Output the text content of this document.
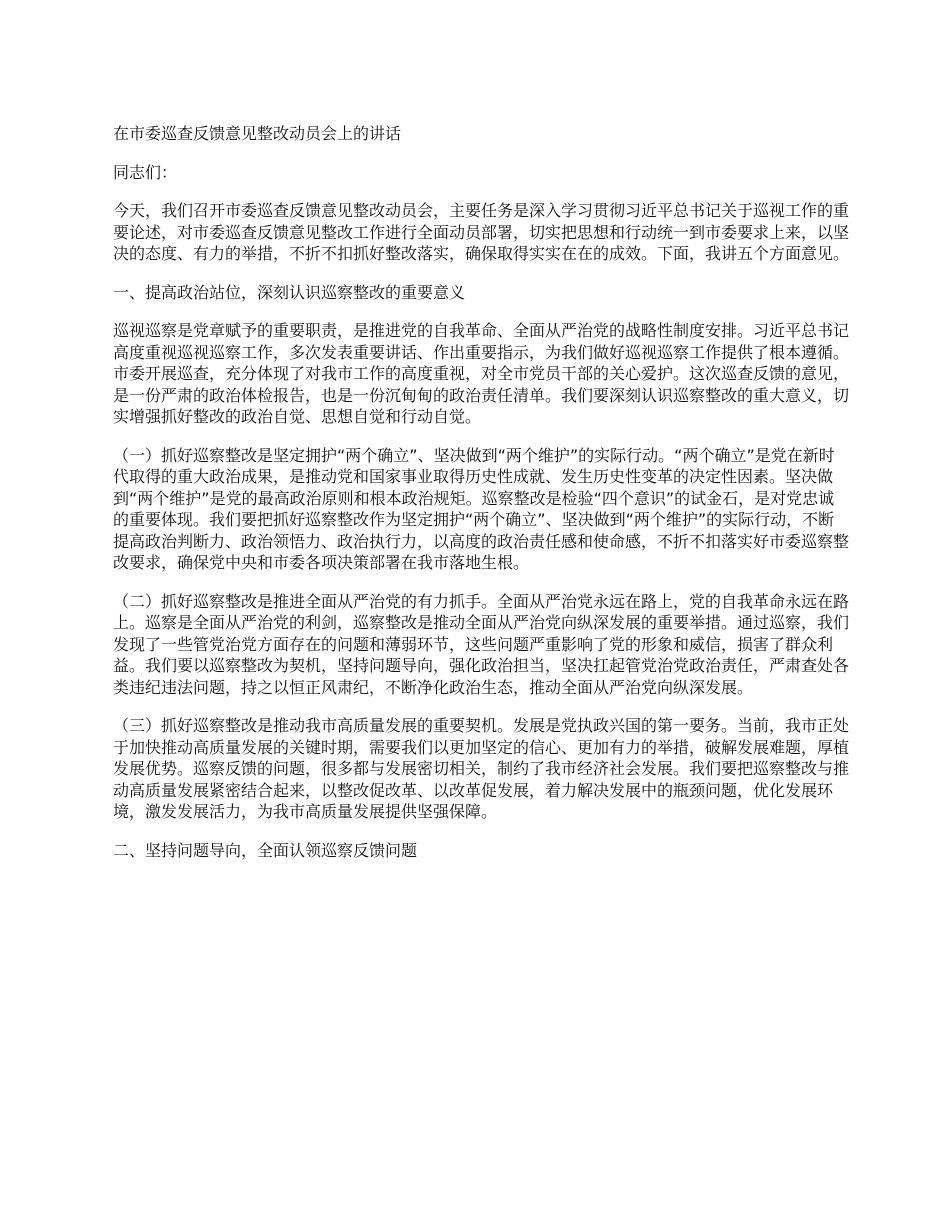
在市委巡查反馈意见整改动员会上的讲话

同志们：

今天，我们召开市委巡查反馈意见整改动员会，主要任务是深入学习贯彻习近平总书记关于巡视工作的重要论述，对市委巡查反馈意见整改工作进行全面动员部署，切实把思想和行动统一到市委要求上来，以坚决的态度、有力的举措，不折不扣抓好整改落实，确保取得实实在在的成效。下面，我讲五个方面意见。

一、提高政治站位，深刻认识巡察整改的重要意义

巡视巡察是党章赋予的重要职责，是推进党的自我革命、全面从严治党的战略性制度安排。习近平总书记高度重视巡视巡察工作，多次发表重要讲话、作出重要指示，为我们做好巡视巡察工作提供了根本遵循。市委开展巡查，充分体现了对我市工作的高度重视，对全市党员干部的关心爱护。这次巡查反馈的意见，是一份严肃的政治体检报告，也是一份沉甸甸的政治责任清单。我们要深刻认识巡察整改的重大意义，切实增强抓好整改的政治自觉、思想自觉和行动自觉。

（一）抓好巡察整改是坚定拥护“两个确立”、坚决做到“两个维护”的实际行动。“两个确立”是党在新时代取得的重大政治成果，是推动党和国家事业取得历史性成就、发生历史性变革的决定性因素。坚决做到“两个维护”是党的最高政治原则和根本政治规矩。巡察整改是检验“四个意识”的试金石，是对党忠诚的重要体现。我们要把抓好巡察整改作为坚定拥护“两个确立”、坚决做到“两个维护”的实际行动，不断提高政治判断力、政治领悟力、政治执行力，以高度的政治责任感和使命感，不折不扣落实好市委巡察整改要求，确保党中央和市委各项决策部署在我市落地生根。

（二）抓好巡察整改是推进全面从严治党的有力抓手。全面从严治党永远在路上，党的自我革命永远在路上。巡察是全面从严治党的利剑，巡察整改是推动全面从严治党向纵深发展的重要举措。通过巡察，我们发现了一些管党治党方面存在的问题和薄弱环节，这些问题严重影响了党的形象和威信，损害了群众利益。我们要以巡察整改为契机，坚持问题导向，强化政治担当，坚决扛起管党治党政治责任，严肃查处各类违纪违法问题，持之以恒正风肃纪，不断净化政治生态，推动全面从严治党向纵深发展。

（三）抓好巡察整改是推动我市高质量发展的重要契机。发展是党执政兴国的第一要务。当前，我市正处于加快推动高质量发展的关键时期，需要我们以更加坚定的信心、更加有力的举措，破解发展难题，厚植发展优势。巡察反馈的问题，很多都与发展密切相关，制约了我市经济社会发展。我们要把巡察整改与推动高质量发展紧密结合起来，以整改促改革、以改革促发展，着力解决发展中的瓶颈问题，优化发展环境，激发发展活力，为我市高质量发展提供坚强保障。

二、坚持问题导向，全面认领巡察反馈问题
